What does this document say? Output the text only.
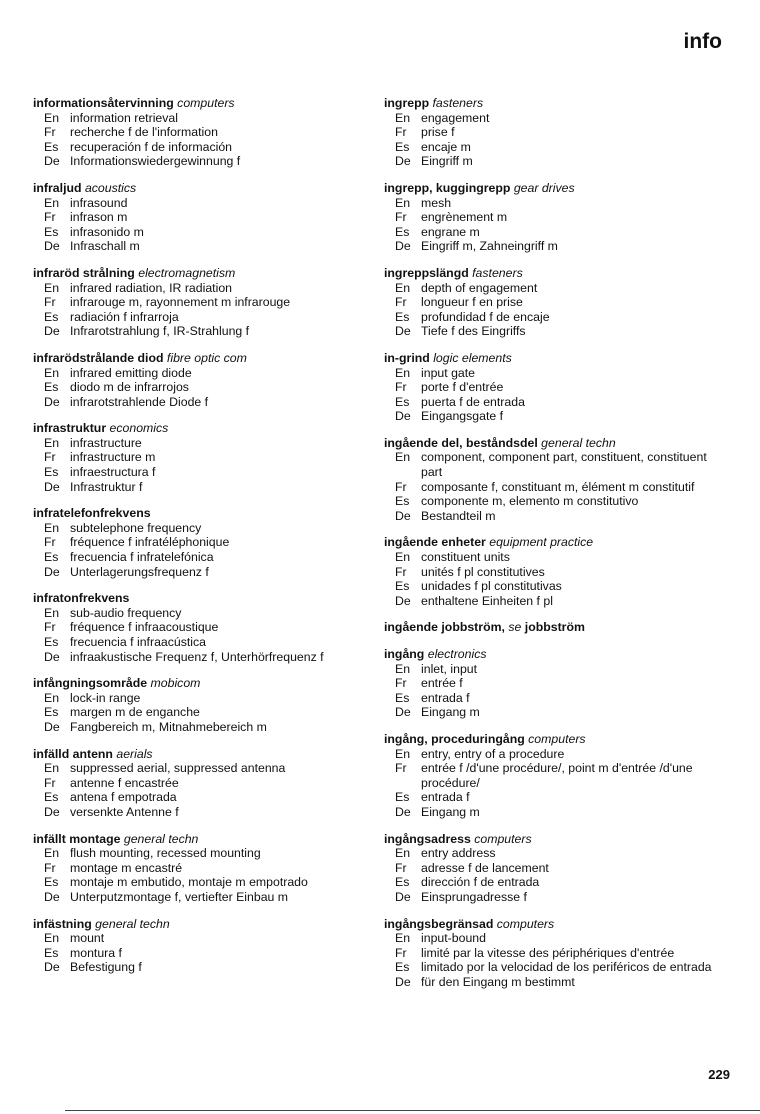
info
informationsåtervinning computers
En information retrieval
Fr	recherche f de l'information
Es recuperación f de información
De Informationswiedergewinnung f
infraljud acoustics
En infrasound
Fr	infrason m
Es infrasonido m
De Infraschall m
infraröd strålning electromagnetism
En infrared radiation, IR radiation
Fr	infrarouge m, rayonnement m infrarouge
Es radiación f infrarroja
De Infrarotstrahlung f, IR-Strahlung f
infrarödstrålande diod fibre optic com
En infrared emitting diode
Es diodo m de infrarrojos
De infrarotstrahlende Diode f
infrastruktur economics
En infrastructure
Fr	infrastructure m
Es infraestructura f
De Infrastruktur f
infratelefonfrekvens
En subtelephone frequency
Fr	fréquence f infratéléphonique
Es frecuencia f infratelefónica
De Unterlagerungsfrequenz f
infratonfrekvens
En sub-audio frequency
Fr	fréquence f infraacoustique
Es frecuencia f infraacústica
De infraakustische Frequenz f, Unterhörfrequenz f
infångningsområde mobicom
En lock-in range
Es margen m de enganche
De Fangbereich m, Mitnahmebereich m
infälld antenn aerials
En suppressed aerial, suppressed antenna
Fr	antenne f encastrée
Es antena f empotrada
De versenkte Antenne f
infällt montage general techn
En flush mounting, recessed mounting
Fr	montage m encastré
Es montaje m embutido, montaje m empotrado
De Unterputzmontage f, vertiefter Einbau m
infästning general techn
En mount
Es montura f
De Befestigung f
ingrepp fasteners
En engagement
Fr	prise f
Es encaje m
De Eingriff m
ingrepp, kuggingrepp gear drives
En mesh
Fr	engrènement m
Es engrane m
De Eingriff m, Zahneingriff m
ingreppslängd fasteners
En depth of engagement
Fr	longueur f en prise
Es profundidad f de encaje
De Tiefe f des Eingriffs
in-grind logic elements
En input gate
Fr	porte f d'entrée
Es puerta f de entrada
De Eingangsgate f
ingående del, beståndsdel general techn
En component, component part, constituent, constituent part
Fr	composante f, constituant m, élément m constitutif
Es componente m, elemento m constitutivo
De Bestandteil m
ingående enheter equipment practice
En constituent units
Fr	unités f pl constitutives
Es unidades f pl constitutivas
De enthaltene Einheiten f pl
ingående jobbström, se jobbström
ingång electronics
En inlet, input
Fr	entrée f
Es entrada f
De Eingang m
ingång, proceduringång computers
En entry, entry of a procedure
Fr	entrée f /d'une procédure/, point m d'entrée /d'une procédure/
Es entrada f
De Eingang m
ingångsadress computers
En entry address
Fr	adresse f de lancement
Es dirección f de entrada
De Einsprungadresse f
ingångsbegränsad computers
En input-bound
Fr	limité par la vitesse des périphériques d'entrée
Es limitado por la velocidad de los periféricos de entrada
De für den Eingang m bestimmt
229
